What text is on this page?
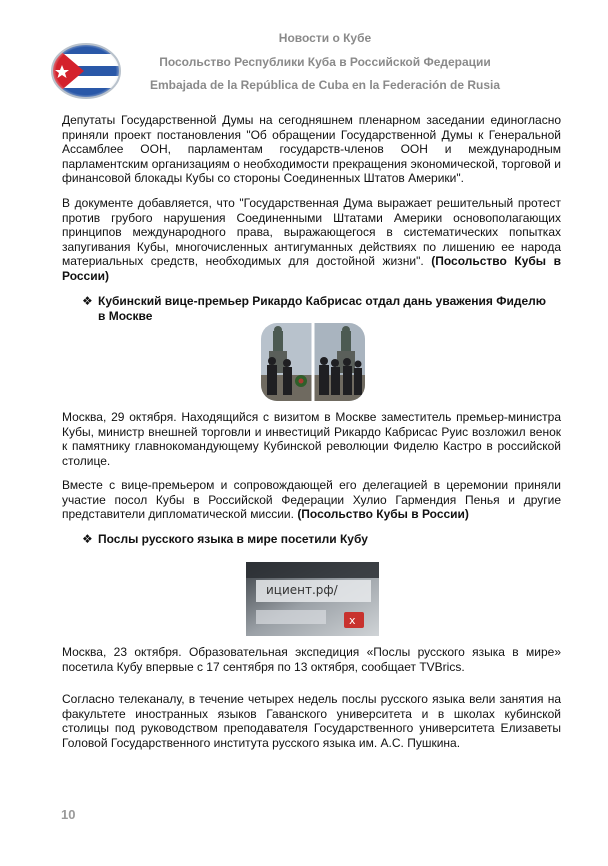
Новости о Кубе
Посольство Республики Куба в Российской Федерации
Embajada de la República de Cuba en la Federación de Rusia
Депутаты Государственной Думы на сегодняшнем пленарном заседании единогласно приняли проект постановления "Об обращении Государственной Думы к Генеральной Ассамблее ООН, парламентам государств-членов ООН и международным парламентским организациям о необходимости прекращения экономической, торговой и финансовой блокады Кубы со стороны Соединенных Штатов Америки".
В документе добавляется, что "Государственная Дума выражает решительный протест против грубого нарушения Соединенными Штатами Америки основополагающих принципов международного права, выражающегося в систематических попытках запугивания Кубы, многочисленных антигуманных действиях по лишению ее народа материальных средств, необходимых для достойной жизни". (Посольство Кубы в России)
❖ Кубинский вице-премьер Рикардо Кабрисас отдал дань уважения Фиделю
в Москве
Москва, 29 октября. Находящийся с визитом в Москве заместитель премьер-министра Кубы, министр внешней торговли и инвестиций Рикардо Кабрисас Руис возложил венок к памятнику главнокомандующему Кубинской революции Фиделю Кастро в российской столице.
Вместе с вице-премьером и сопровождающей его делегацией в церемонии приняли участие посол Кубы в Российской Федерации Хулио Гармендия Пенья и другие представители дипломатической миссии. (Посольство Кубы в России)
❖ Послы русского языка в мире посетили Кубу
x
ициент.рф/
Москва, 23 октября. Образовательная экспедиция «Послы русского языка в мире» посетила Кубу впервые с 17 сентября по 13 октября, сообщает TVBrics.
Согласно телеканалу, в течение четырех недель послы русского языка вели занятия на факультете иностранных языков Гаванского университета и в школах кубинской столицы под руководством преподавателя Государственного университета Елизаветы Головой Государственного института русского языка им. А.С. Пушкина.
10
